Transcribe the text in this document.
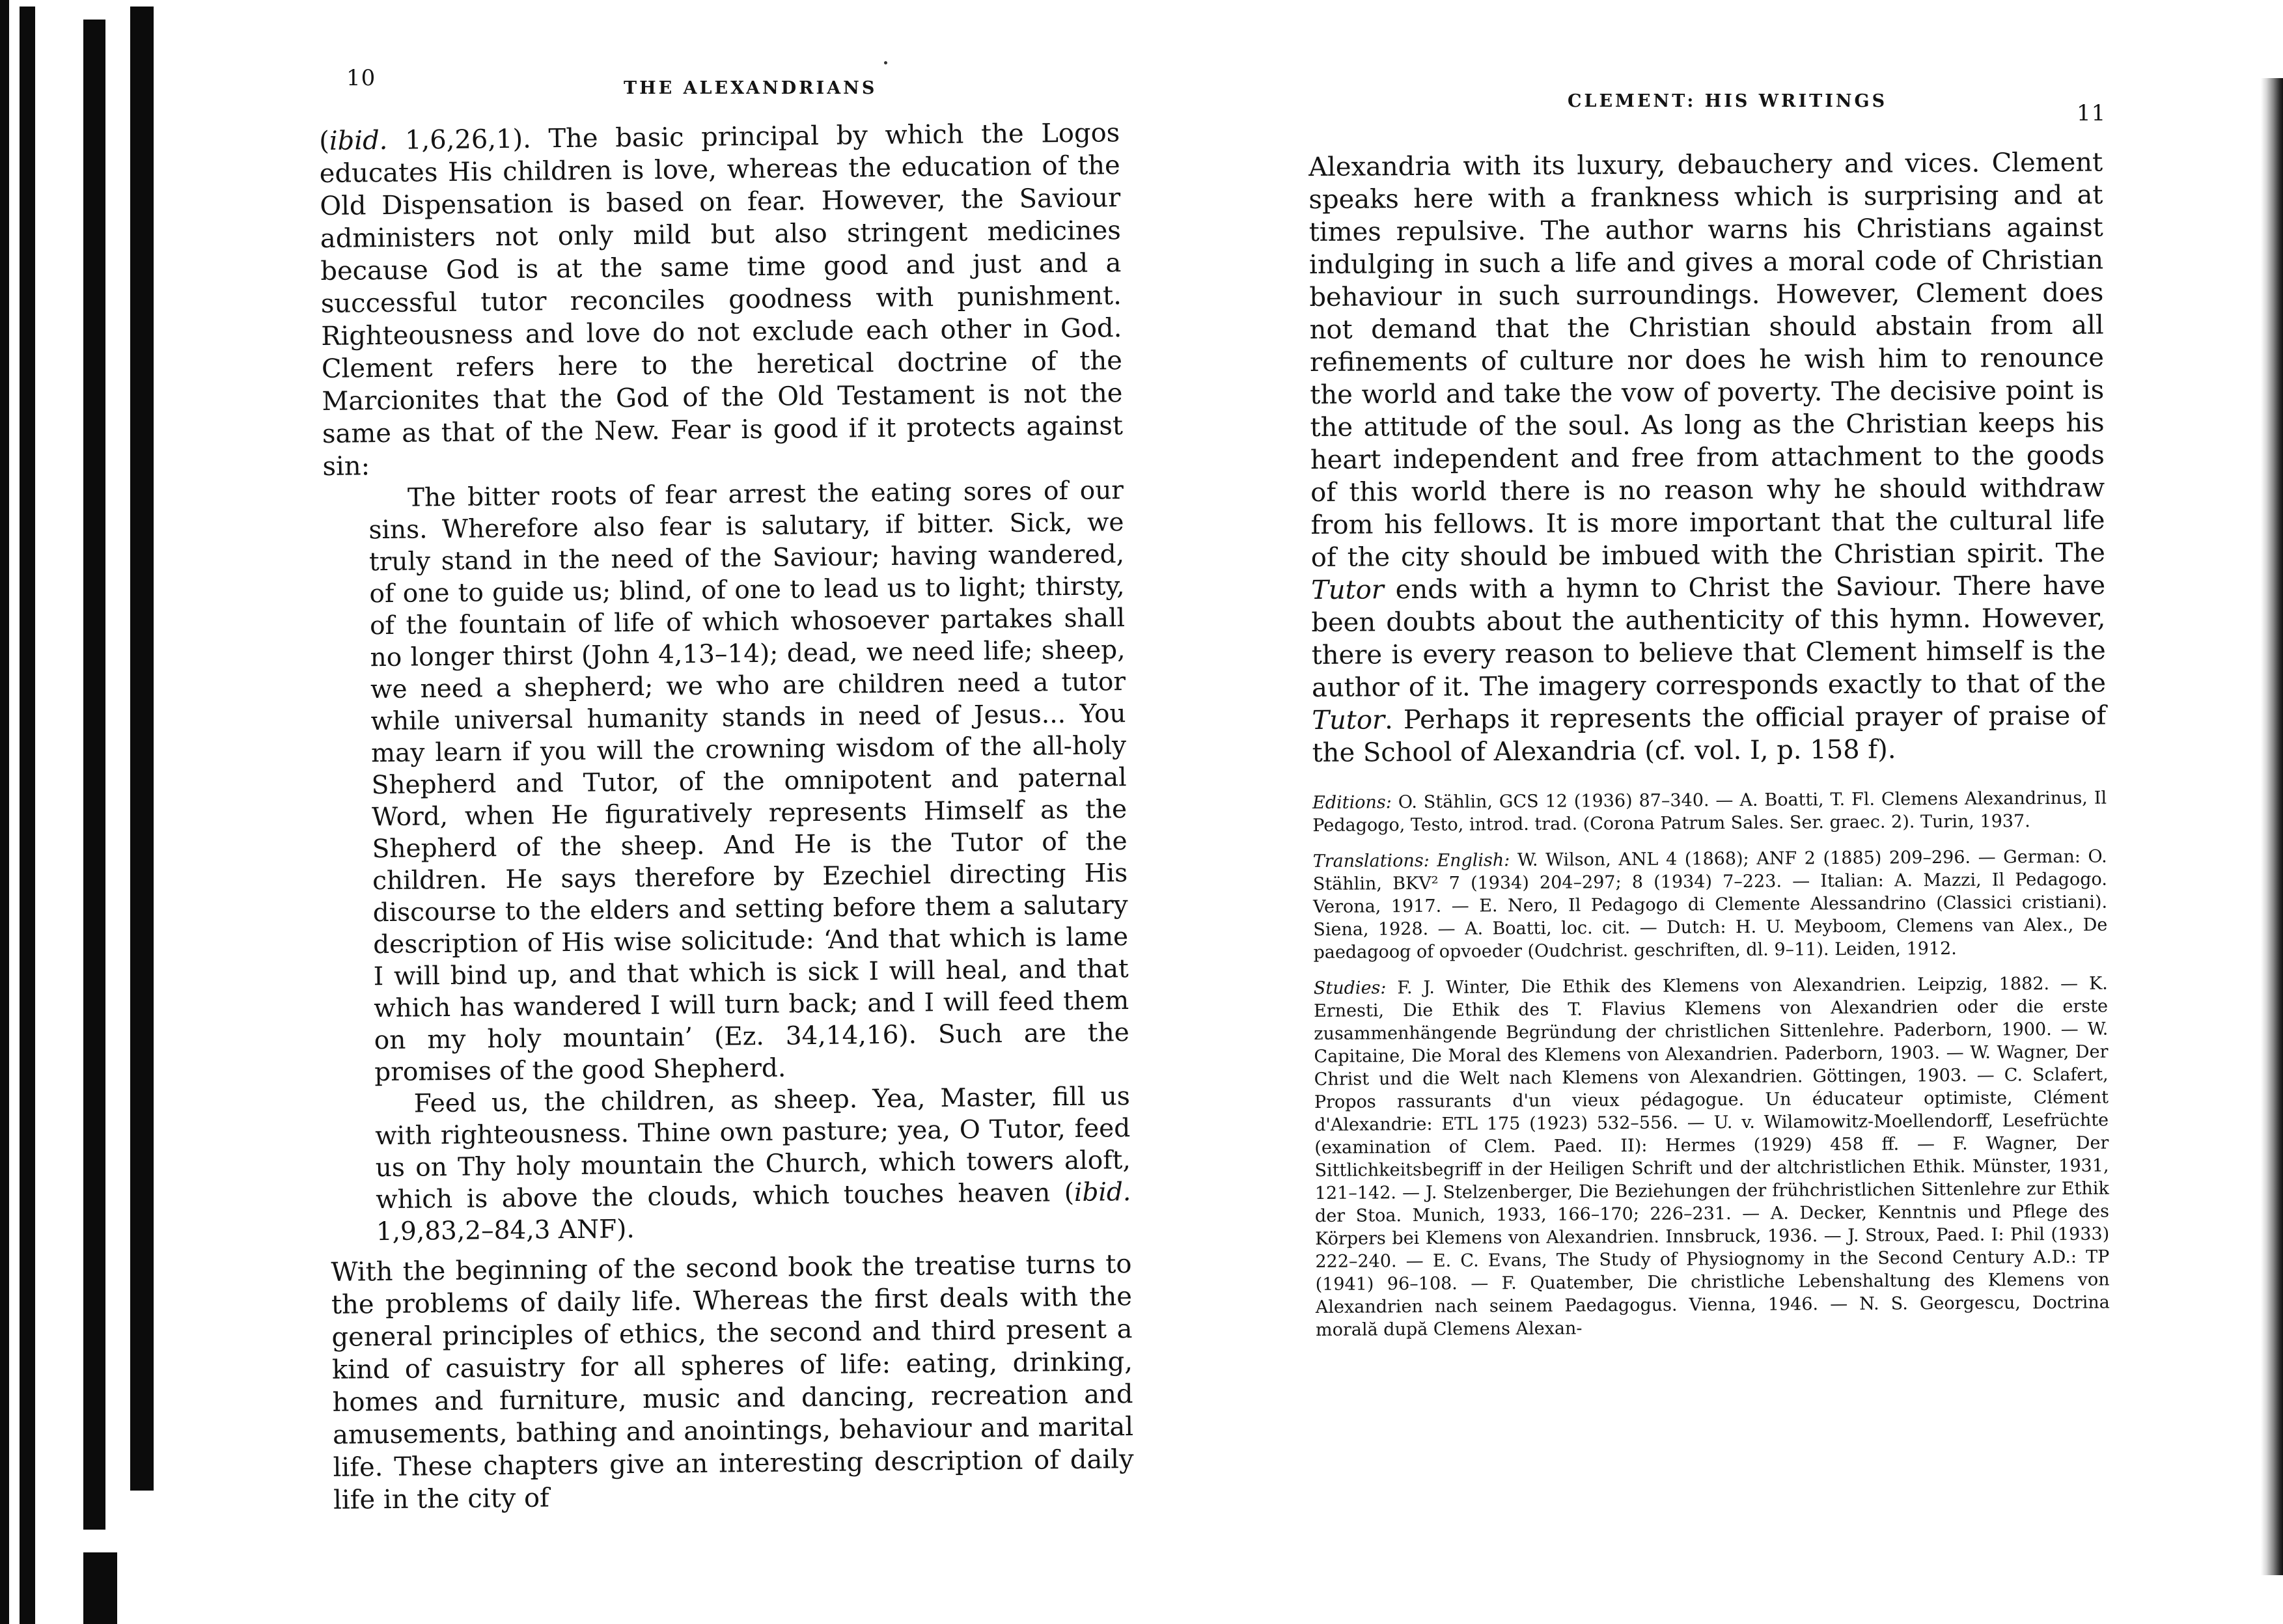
10	THE ALEXANDRIANS

(ibid. 1,6,26,1). The basic principal by which the Logos educates His children is love, whereas the education of the Old Dispensation is based on fear. However, the Saviour administers not only mild but also stringent medicines because God is at the same time good and just and a successful tutor reconciles goodness with punishment. Righteousness and love do not exclude each other in God. Clement refers here to the heretical doctrine of the Marcionites that the God of the Old Testament is not the same as that of the New. Fear is good if it protects against sin:

The bitter roots of fear arrest the eating sores of our sins. Wherefore also fear is salutary, if bitter. Sick, we truly stand in the need of the Saviour; having wandered, of one to guide us; blind, of one to lead us to light; thirsty, of the fountain of life of which whosoever partakes shall no longer thirst (John 4,13–14); dead, we need life; sheep, we need a shepherd; we who are children need a tutor while universal humanity stands in need of Jesus... You may learn if you will the crowning wisdom of the all-holy Shepherd and Tutor, of the omnipotent and paternal Word, when He figuratively represents Himself as the Shepherd of the sheep. And He is the Tutor of the children. He says therefore by Ezechiel directing His discourse to the elders and setting before them a salutary description of His wise solicitude: ‘And that which is lame I will bind up, and that which is sick I will heal, and that which has wandered I will turn back; and I will feed them on my holy mountain’ (Ez. 34,14,16). Such are the promises of the good Shepherd.

Feed us, the children, as sheep. Yea, Master, fill us with righteousness. Thine own pasture; yea, O Tutor, feed us on Thy holy mountain the Church, which towers aloft, which is above the clouds, which touches heaven (ibid. 1,9,83,2–84,3 ANF).

With the beginning of the second book the treatise turns to the problems of daily life. Whereas the first deals with the general principles of ethics, the second and third present a kind of casuistry for all spheres of life: eating, drinking, homes and furniture, music and dancing, recreation and amusements, bathing and anointings, behaviour and marital life. These chapters give an interesting description of daily life in the city of

CLEMENT: HIS WRITINGS	11

Alexandria with its luxury, debauchery and vices. Clement speaks here with a frankness which is surprising and at times repulsive. The author warns his Christians against indulging in such a life and gives a moral code of Christian behaviour in such surroundings. However, Clement does not demand that the Christian should abstain from all refinements of culture nor does he wish him to renounce the world and take the vow of poverty. The decisive point is the attitude of the soul. As long as the Christian keeps his heart independent and free from attachment to the goods of this world there is no reason why he should withdraw from his fellows. It is more important that the cultural life of the city should be imbued with the Christian spirit. The Tutor ends with a hymn to Christ the Saviour. There have been doubts about the authenticity of this hymn. However, there is every reason to believe that Clement himself is the author of it. The imagery corresponds exactly to that of the Tutor. Perhaps it represents the official prayer of praise of the School of Alexandria (cf. vol. I, p. 158 f).

Editions: O. Stählin, GCS 12 (1936) 87–340. — A. Boatti, T. Fl. Clemens Alexandrinus, Il Pedagogo, Testo, introd. trad. (Corona Patrum Sales. Ser. graec. 2). Turin, 1937.

Translations: English: W. Wilson, ANL 4 (1868); ANF 2 (1885) 209–296. — German: O. Stählin, BKV² 7 (1934) 204–297; 8 (1934) 7–223. — Italian: A. Mazzi, Il Pedagogo. Verona, 1917. — E. Nero, Il Pedagogo di Clemente Alessandrino (Classici cristiani). Siena, 1928. — A. Boatti, loc. cit. — Dutch: H. U. Meyboom, Clemens van Alex., De paedagoog of opvoeder (Oudchrist. geschriften, dl. 9–11). Leiden, 1912.

Studies: F. J. Winter, Die Ethik des Klemens von Alexandrien. Leipzig, 1882. — K. Ernesti, Die Ethik des T. Flavius Klemens von Alexandrien oder die erste zusammenhängende Begründung der christlichen Sittenlehre. Paderborn, 1900. — W. Capitaine, Die Moral des Klemens von Alexandrien. Paderborn, 1903. — W. Wagner, Der Christ und die Welt nach Klemens von Alexandrien. Göttingen, 1903. — C. Sclafert, Propos rassurants d'un vieux pédagogue. Un éducateur optimiste, Clément d'Alexandrie: ETL 175 (1923) 532–556. — U. v. Wilamowitz-Moellendorff, Lesefrüchte (examination of Clem. Paed. II): Hermes (1929) 458 ff. — F. Wagner, Der Sittlichkeitsbegriff in der Heiligen Schrift und der altchristlichen Ethik. Münster, 1931, 121–142. — J. Stelzenberger, Die Beziehungen der frühchristlichen Sittenlehre zur Ethik der Stoa. Munich, 1933, 166–170; 226–231. — A. Decker, Kenntnis und Pflege des Körpers bei Klemens von Alexandrien. Innsbruck, 1936. — J. Stroux, Paed. I: Phil (1933) 222–240. — E. C. Evans, The Study of Physiognomy in the Second Century A.D.: TP (1941) 96–108. — F. Quatember, Die christliche Lebenshaltung des Klemens von Alexandrien nach seinem Paedagogus. Vienna, 1946. — N. S. Georgescu, Doctrina morală după Clemens Alexan-
